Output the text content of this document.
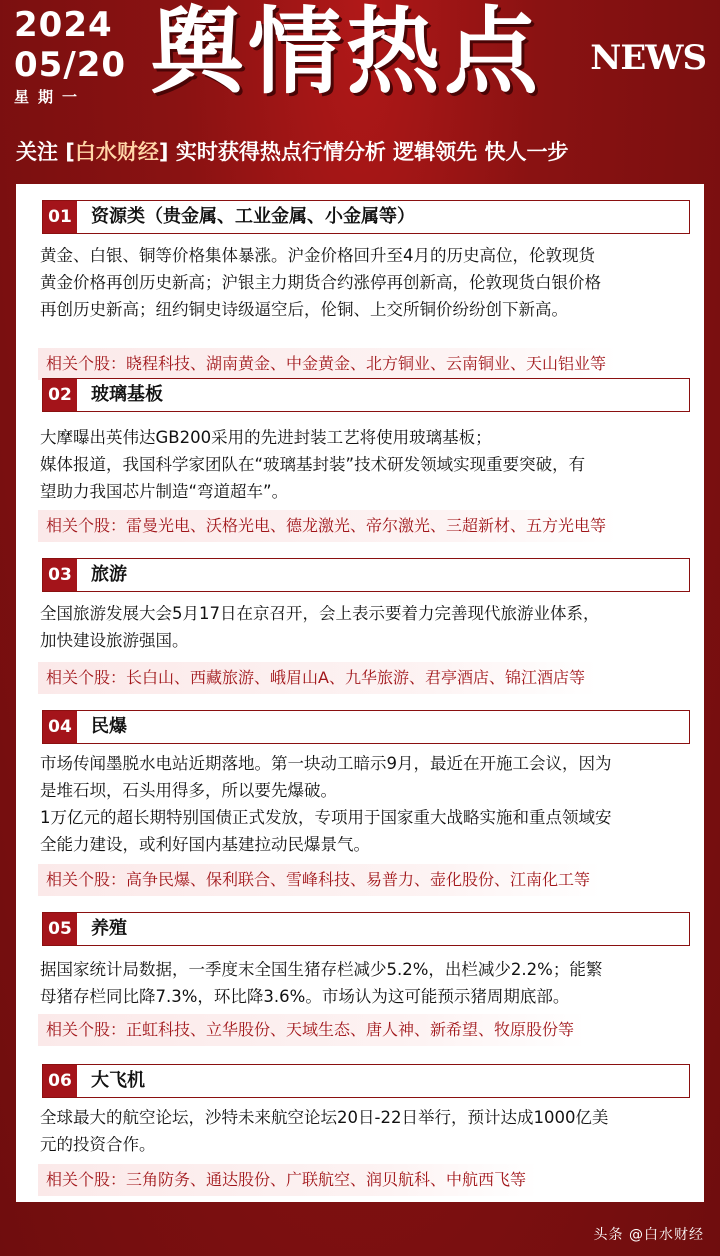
2024
05/20
星期一 舆情热点 NEWS
关注 [白水财经] 实时获得热点行情分析 逻辑领先 快人一步
01 资源类（贵金属、工业金属、小金属等）
黄金、白银、铜等价格集体暴涨。沪金价格回升至4月的历史高位，伦敦现货
黄金价格再创历史新高；沪银主力期货合约涨停再创新高，伦敦现货白银价格
再创历史新高；纽约铜史诗级逼空后，伦铜、上交所铜价纷纷创下新高。
相关个股：晓程科技、湖南黄金、中金黄金、北方铜业、云南铜业、天山铝业等
02 玻璃基板
大摩曝出英伟达GB200采用的先进封装工艺将使用玻璃基板；
媒体报道，我国科学家团队在“玻璃基封装”技术研发领域实现重要突破，有
望助力我国芯片制造“弯道超车”。
相关个股：雷曼光电、沃格光电、德龙激光、帝尔激光、三超新材、五方光电等
03 旅游
全国旅游发展大会5月17日在京召开，会上表示要着力完善现代旅游业体系，
加快建设旅游强国。
相关个股：长白山、西藏旅游、峨眉山A、九华旅游、君亭酒店、锦江酒店等
04 民爆
市场传闻墨脱水电站近期落地。第一块动工暗示9月，最近在开施工会议，因为
是堆石坝，石头用得多，所以要先爆破。
1万亿元的超长期特别国债正式发放，专项用于国家重大战略实施和重点领域安
全能力建设，或利好国内基建拉动民爆景气。
相关个股：高争民爆、保利联合、雪峰科技、易普力、壶化股份、江南化工等
05 养殖
据国家统计局数据，一季度末全国生猪存栏减少5.2%，出栏减少2.2%；能繁
母猪存栏同比降7.3%，环比降3.6%。市场认为这可能预示猪周期底部。
相关个股：正虹科技、立华股份、天域生态、唐人神、新希望、牧原股份等
06 大飞机
全球最大的航空论坛，沙特未来航空论坛20日-22日举行，预计达成1000亿美
元的投资合作。
相关个股：三角防务、通达股份、广联航空、润贝航科、中航西飞等
头条 @白水财经
